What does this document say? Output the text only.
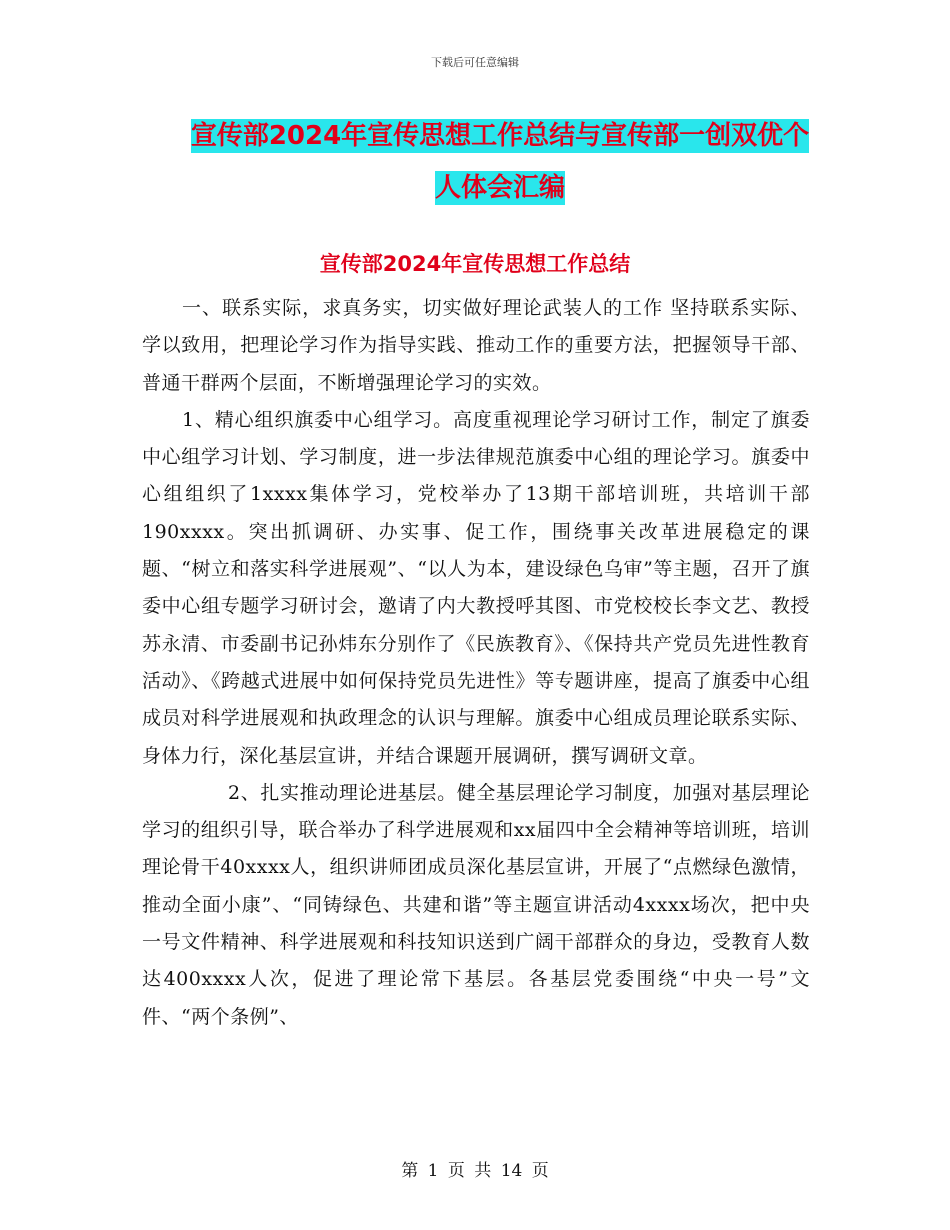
下载后可任意编辑
宣传部2024年宣传思想工作总结与宣传部一创双优个
人体会汇编
宣传部2024年宣传思想工作总结

一、联系实际，求真务实，切实做好理论武装人的工作 坚持联系实际、学以致用，把理论学习作为指导实践、推动工作的重要方法，把握领导干部、普通干群两个层面，不断增强理论学习的实效。

1、精心组织旗委中心组学习。高度重视理论学习研讨工作，制定了旗委中心组学习计划、学习制度，进一步法律规范旗委中心组的理论学习。旗委中心组组织了1xxxx集体学习，党校举办了13期干部培训班，共培训干部190xxxx。突出抓调研、办实事、促工作，围绕事关改革进展稳定的课题、“树立和落实科学进展观”、“以人为本，建设绿色乌审”等主题，召开了旗委中心组专题学习研讨会，邀请了内大教授呼其图、市党校校长李文艺、教授苏永清、市委副书记孙炜东分别作了《民族教育》、《保持共产党员先进性教育活动》、《跨越式进展中如何保持党员先进性》等专题讲座，提高了旗委中心组成员对科学进展观和执政理念的认识与理解。旗委中心组成员理论联系实际、身体力行，深化基层宣讲，并结合课题开展调研，撰写调研文章。

2、扎实推动理论进基层。健全基层理论学习制度，加强对基层理论学习的组织引导，联合举办了科学进展观和xx届四中全会精神等培训班，培训理论骨干40xxxx人，组织讲师团成员深化基层宣讲，开展了“点燃绿色激情，推动全面小康”、“同铸绿色、共建和谐”等主题宣讲活动4xxxx场次，把中央一号文件精神、科学进展观和科技知识送到广阔干部群众的身边，受教育人数达400xxxx人次，促进了理论常下基层。各基层党委围绕“中央一号”文件、“两个条例”、

第 1 页 共 14 页
